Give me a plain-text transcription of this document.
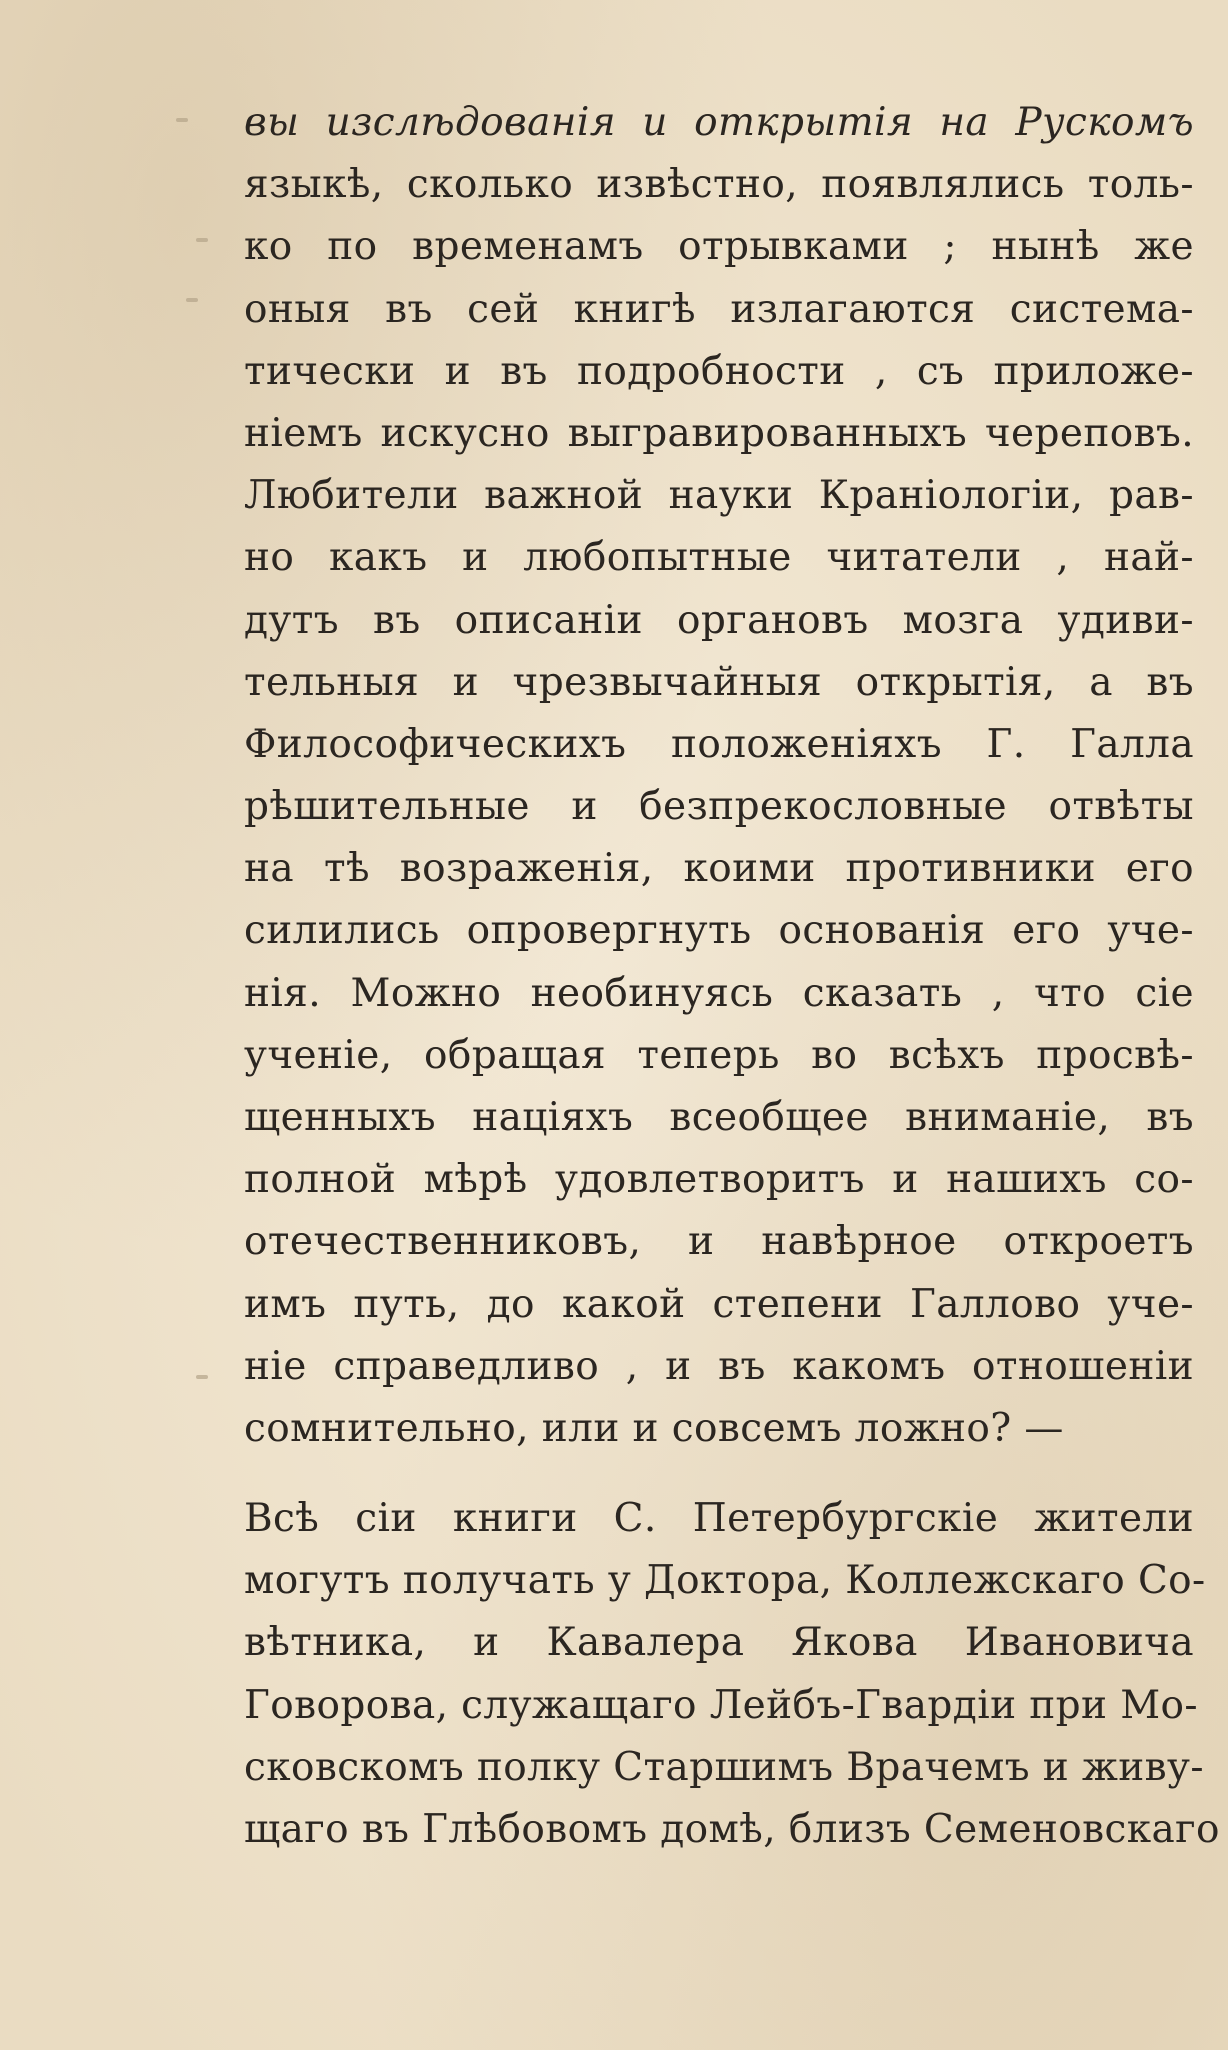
вы изслѣдованія и открытія на Рускомъ
языкѣ, сколько извѣстно, появлялись толь-
ко по временамъ отрывками ; нынѣ же
оныя въ сей книгѣ излагаются система-
тически и въ подробности , съ приложе-
ніемъ искусно выгравированныхъ череповъ.
Любители важной науки Краніологіи, рав-
но какъ и любопытные читатели , най-
дутъ въ описаніи органовъ мозга удиви-
тельныя и чрезвычайныя открытія, а въ
Философическихъ положеніяхъ Г. Галла
рѣшительные и безпрекословные отвѣты
на тѣ возраженія, коими противники его
силились опровергнуть основанія его уче-
нія. Можно необинуясь сказать , что сіе
ученіе, обращая теперь во всѣхъ просвѣ-
щенныхъ націяхъ всеобщее вниманіе, въ
полной мѣрѣ удовлетворитъ и нашихъ со-
отечественниковъ, и навѣрное откроетъ
имъ путь, до какой степени Галлово уче-
ніе справедливо , и въ какомъ отношеніи
сомнительно, или и совсемъ ложно? —
Всѣ сіи книги С. Петербургскіе жители
могутъ получать у Доктора, Коллежскаго Со-
вѣтника, и Кавалера Якова Ивановича
Говорова, служащаго Лейбъ-Гвардіи при Мо-
сковскомъ полку Старшимъ Врачемъ и живу-
щаго въ Глѣбовомъ домѣ, близъ Семеновскаго
